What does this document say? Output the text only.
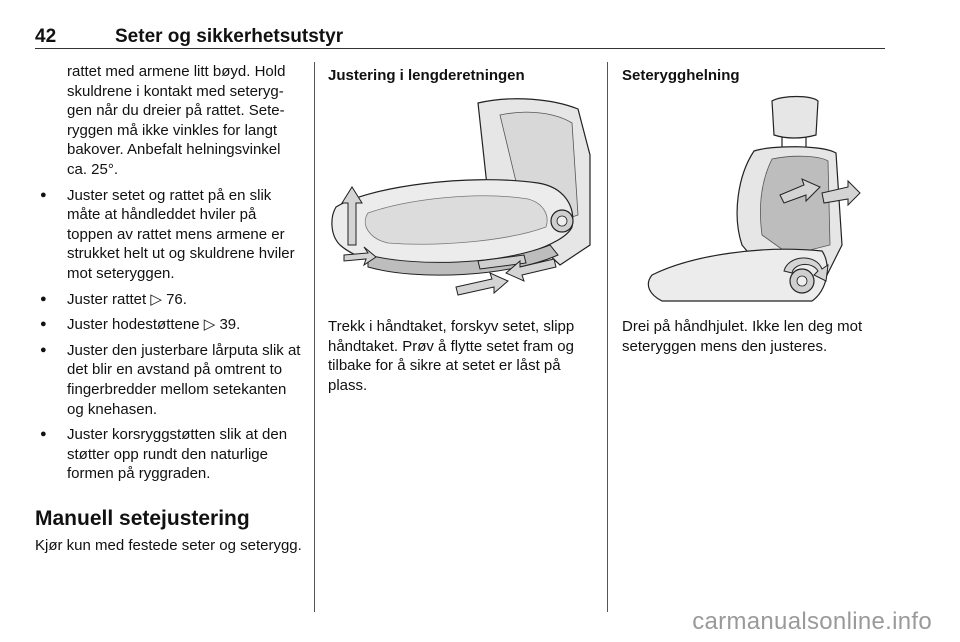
42	Seter og sikkerhetsutstyr

rattet med armene litt bøyd. Hold skuldrene i kontakt med seteryggen når du dreier på rattet. Seteryggen må ikke vinkles for langt bakover. Anbefalt helningsvinkel ca. 25°.

● Juster setet og rattet på en slik måte at håndleddet hviler på toppen av rattet mens armene er strukket helt ut og skuldrene hviler mot seteryggen.
● Juster rattet ▷ 76.
● Juster hodestøttene ▷ 39.
● Juster den justerbare lårputa slik at det blir en avstand på omtrent to fingerbredder mellom setekanten og knehasen.
● Juster korsryggstøtten slik at den støtter opp rundt den naturlige formen på ryggraden.
Manuell setejustering

Kjør kun med festede seter og seterygg.

Justering i lengderetningen

Trekk i håndtaket, forskyv setet, slipp håndtaket. Prøv å flytte setet fram og tilbake for å sikre at setet er låst på plass.

Seterygghelning

Drei på håndhjulet. Ikke len deg mot seteryggen mens den justeres.

carmanualsonline.info
